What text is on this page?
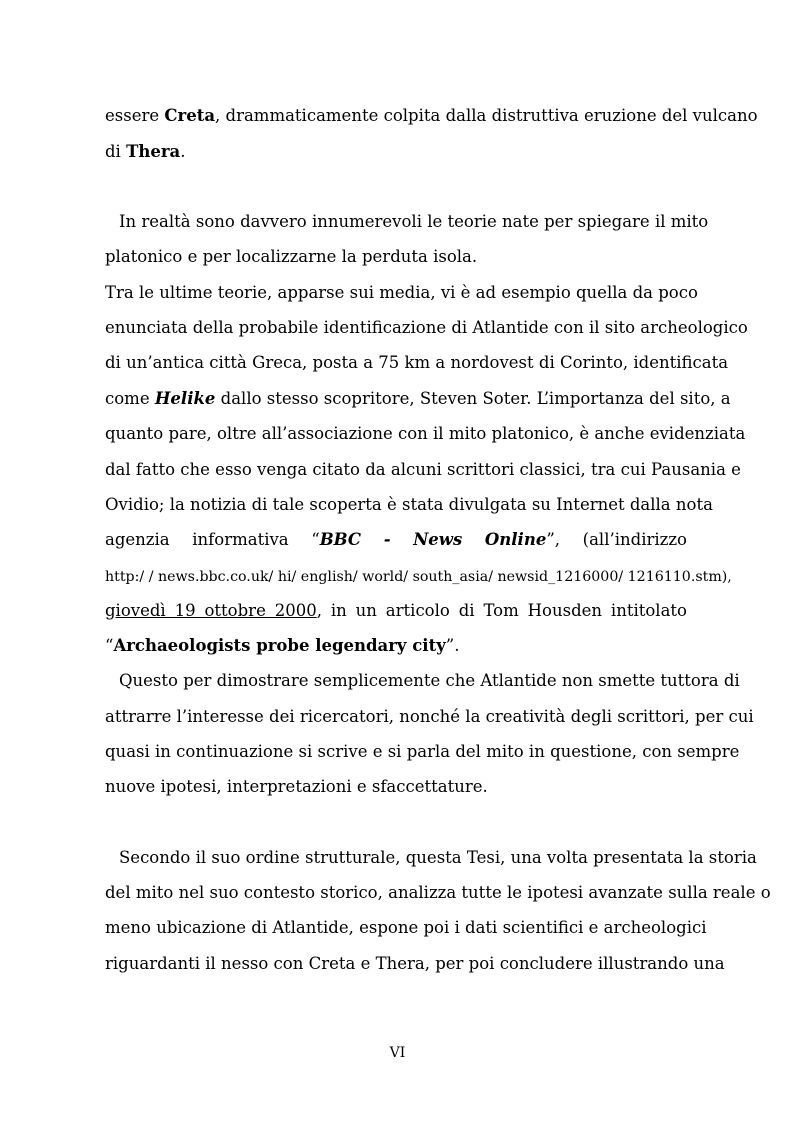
essere Creta, drammaticamente colpita dalla distruttiva eruzione del vulcano
di Thera.
In realtà sono davvero innumerevoli le teorie nate per spiegare il mito
platonico e per localizzarne la perduta isola.
Tra le ultime teorie, apparse sui media, vi è ad esempio quella da poco
enunciata della probabile identificazione di Atlantide con il sito archeologico
di un’antica città Greca, posta a 75 km a nordovest di Corinto, identificata
come Helike dallo stesso scopritore, Steven Soter. L’importanza del sito, a
quanto pare, oltre all’associazione con il mito platonico, è anche evidenziata
dal fatto che esso venga citato da alcuni scrittori classici, tra cui Pausania e
Ovidio; la notizia di tale scoperta è stata divulgata su Internet dalla nota
agenzia informativa “BBC - News Online”, (all’indirizzo
http:/ / news.bbc.co.uk/ hi/ english/ world/ south_asia/ newsid_1216000/ 1216110.stm),
giovedì 19 ottobre 2000, in un articolo di Tom Housden intitolato
“Archaeologists probe legendary city”.
Questo per dimostrare semplicemente che Atlantide non smette tuttora di
attrarre l’interesse dei ricercatori, nonché la creatività degli scrittori, per cui
quasi in continuazione si scrive e si parla del mito in questione, con sempre
nuove ipotesi, interpretazioni e sfaccettature.
Secondo il suo ordine strutturale, questa Tesi, una volta presentata la storia
del mito nel suo contesto storico, analizza tutte le ipotesi avanzate sulla reale o
meno ubicazione di Atlantide, espone poi i dati scientifici e archeologici
riguardanti il nesso con Creta e Thera, per poi concludere illustrando una
VI
